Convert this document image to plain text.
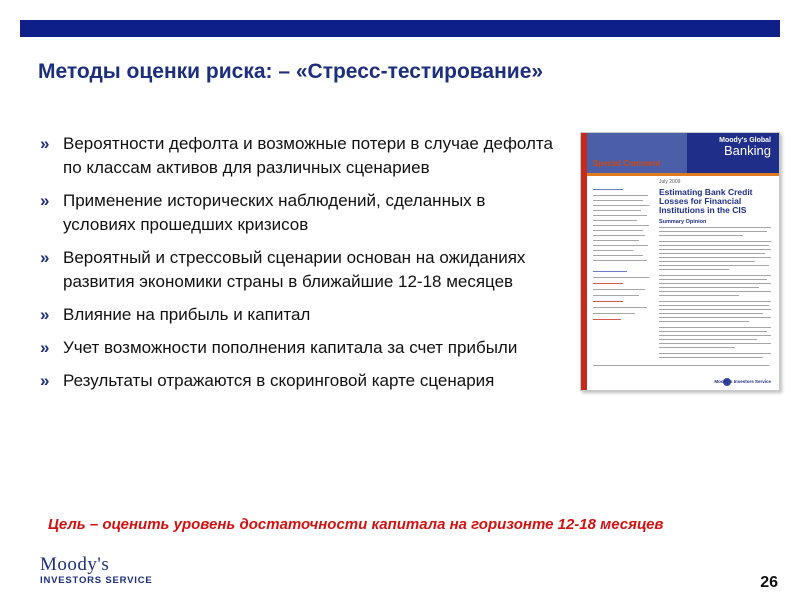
Методы оценки риска: – «Стресс-тестирование»
» Вероятности дефолта и возможные потери в случае дефолта по классам активов для различных сценариев
» Применение исторических наблюдений, сделанных в условиях прошедших кризисов
» Вероятный и стрессовый сценарии основан на ожиданиях развития экономики страны в ближайшие 12-18 месяцев
» Влияние на прибыль и капитал
» Учет возможности пополнения капитала за счет прибыли
» Результаты отражаются в скоринговой карте сценария
Moody's Global
Banking
Special Comment
July 2009
Estimating Bank Credit Losses for Financial Institutions in the CIS
Summary Opinion
Moody's Investors Service
Цель – оценить уровень достаточности капитала на горизонте 12-18 месяцев
Moody's
INVESTORS SERVICE	26
